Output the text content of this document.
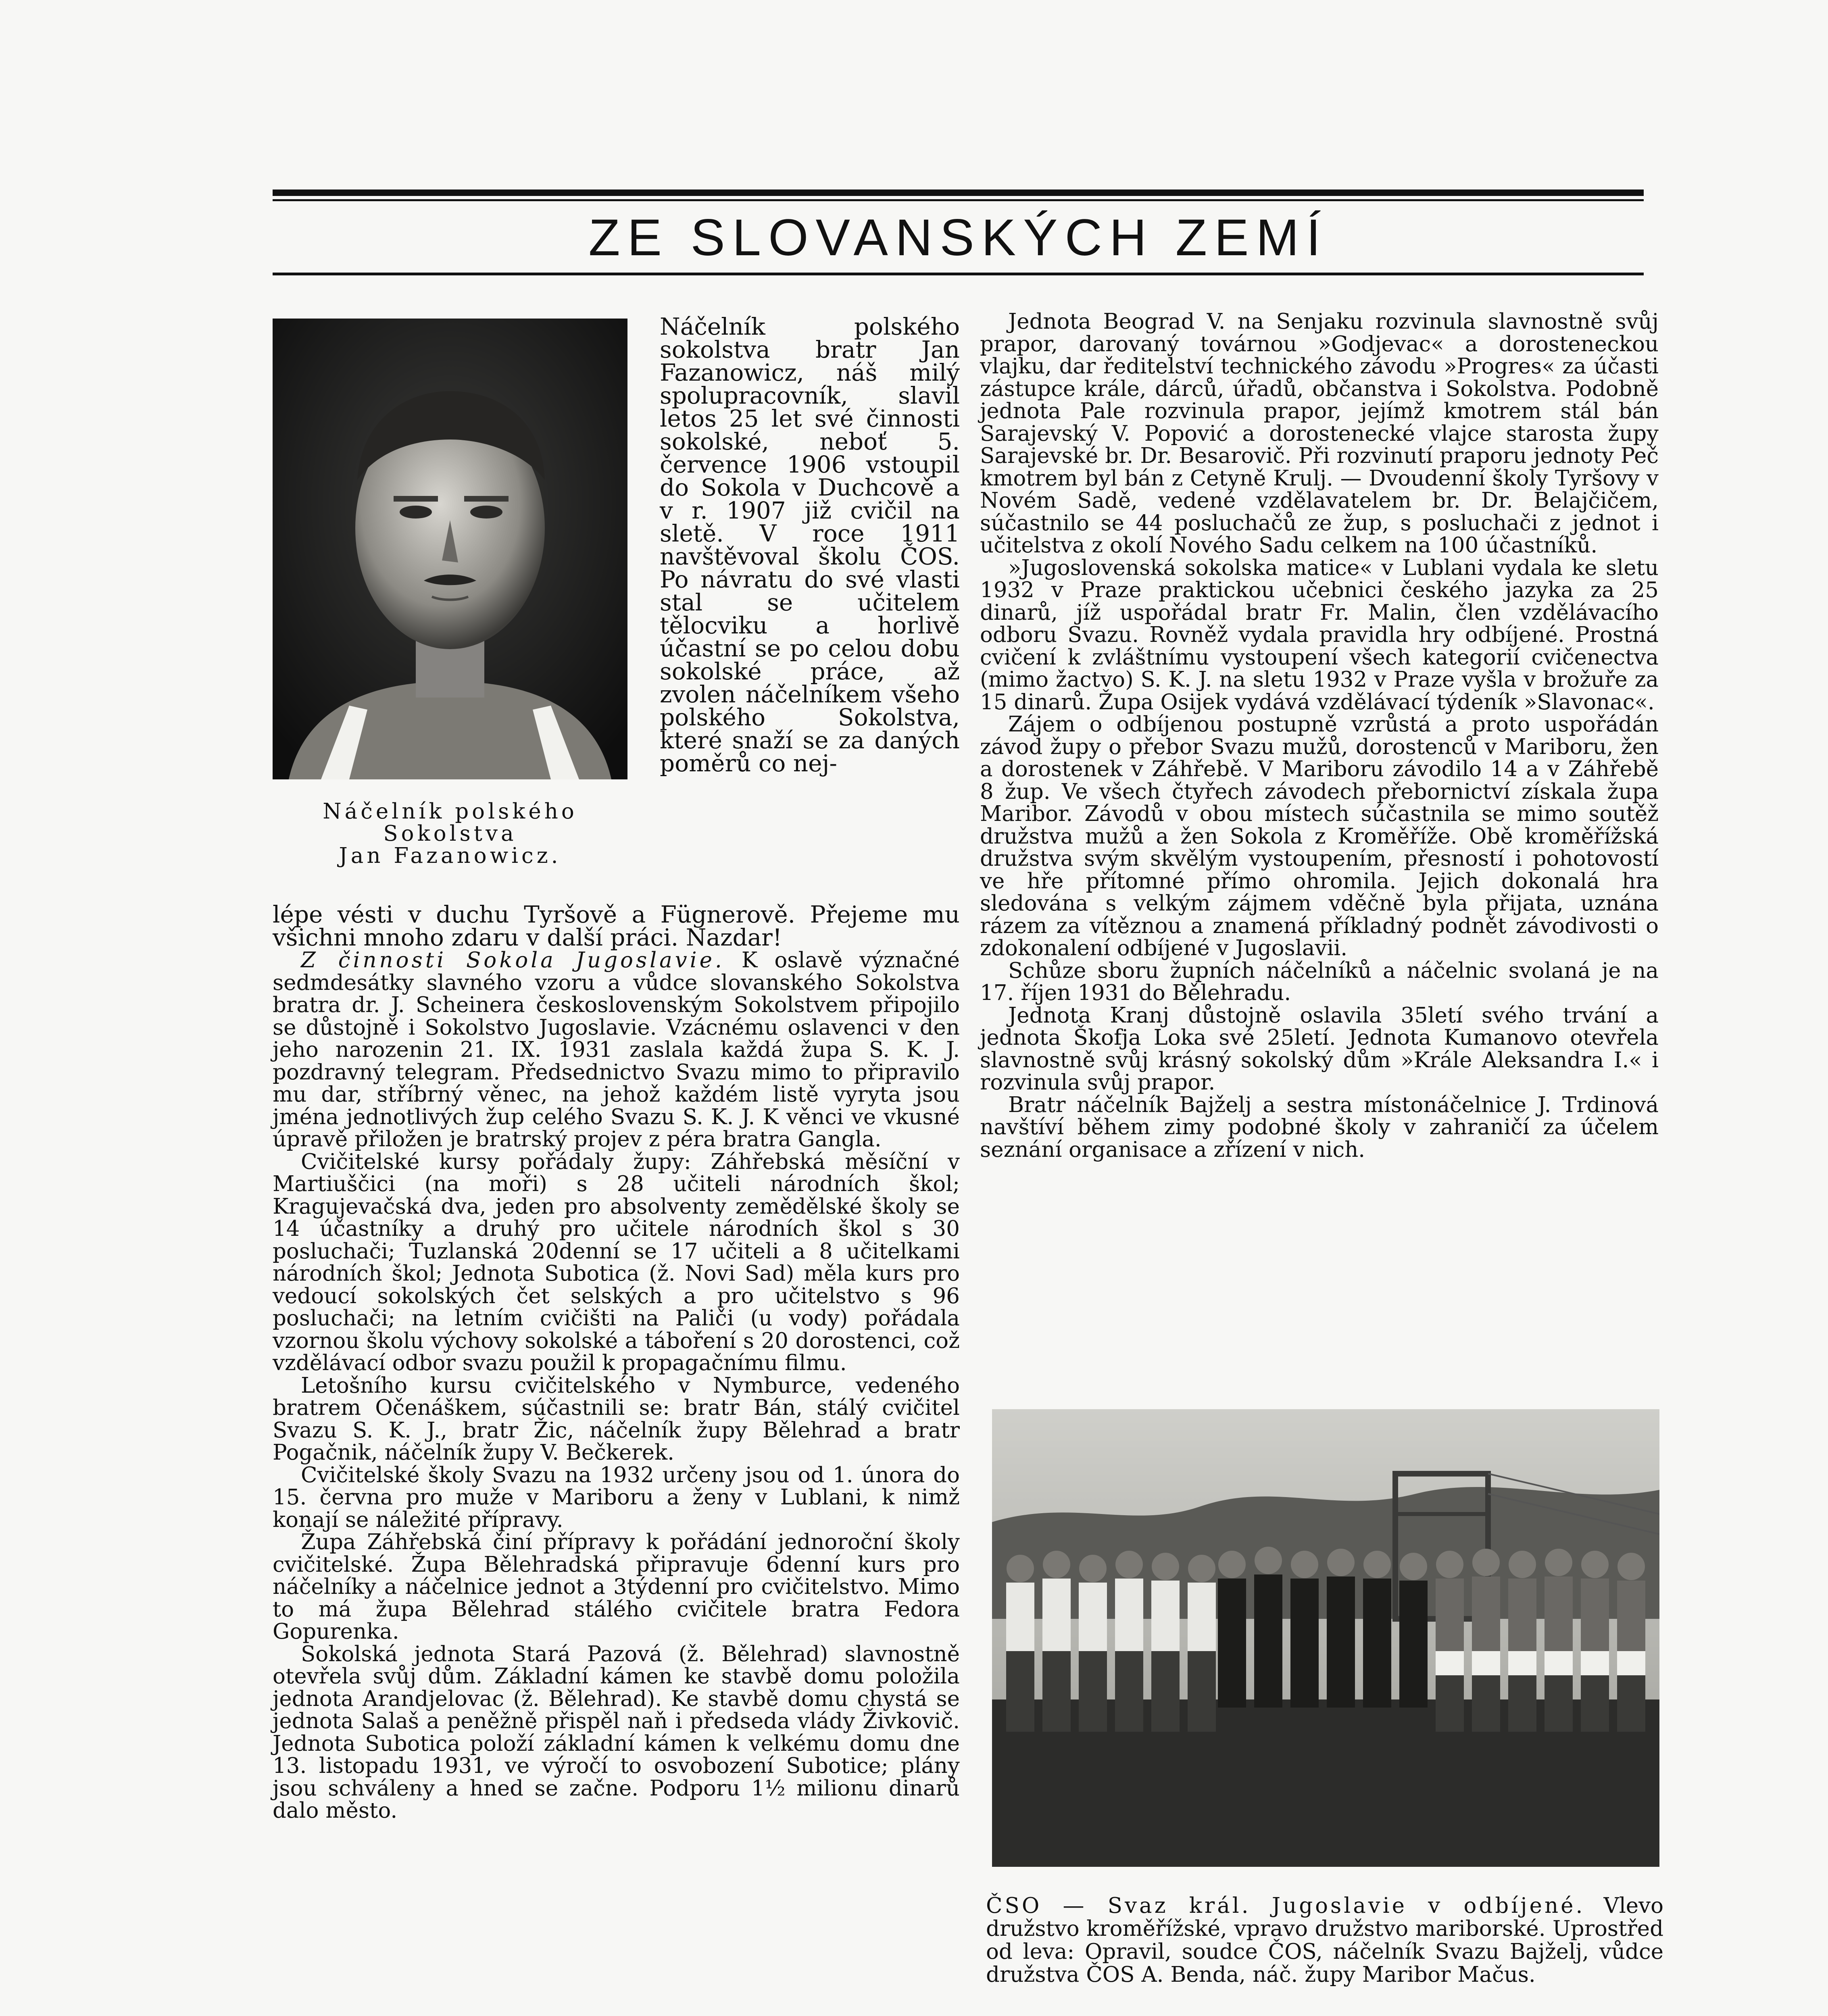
ZE SLOVANSKÝCH ZEMÍ
Náčelník polského
Sokolstva
Jan Fazanowicz.

Náčelník polského sokolstva bratr Jan Fazanowicz, náš milý spolupracovník, slavil letos 25 let své činnosti sokolské, neboť 5. července 1906 vstoupil do Sokola v Duchcově a v r. 1907 již cvičil na sletě. V roce 1911 navštěvoval školu ČOS. Po návratu do své vlasti stal se učitelem tělocviku a horlivě účastní se po celou dobu sokolské práce, až zvolen náčelníkem všeho polského Sokolstva, které snaží se za daných poměrů co nej-

lépe vésti v duchu Tyršově a Fügnerově. Přejeme mu všichni mnoho zdaru v další práci. Nazdar!

Z činnosti Sokola Jugoslavie. K oslavě význačné sedmdesátky slavného vzoru a vůdce slovanského Sokolstva bratra dr. J. Scheinera československým Sokolstvem připojilo se důstojně i Sokolstvo Jugoslavie. Vzácnému oslavenci v den jeho narozenin 21. IX. 1931 zaslala každá župa S. K. J. pozdravný telegram. Předsednictvo Svazu mimo to připravilo mu dar, stříbrný věnec, na jehož každém listě vyryta jsou jména jednotlivých žup celého Svazu S. K. J. K věnci ve vkusné úpravě přiložen je bratrský projev z péra bratra Gangla.

Cvičitelské kursy pořádaly župy: Záhřebská měsíční v Martiuščici (na moři) s 28 učiteli národních škol; Kragujevačská dva, jeden pro absolventy zemědělské školy se 14 účastníky a druhý pro učitele národních škol s 30 posluchači; Tuzlanská 20denní se 17 učiteli a 8 učitelkami národních škol; Jednota Subotica (ž. Novi Sad) měla kurs pro vedoucí sokolských čet selských a pro učitelstvo s 96 posluchači; na letním cvičišti na Paliči (u vody) pořádala vzornou školu výchovy sokolské a táboření s 20 dorostenci, což vzdělávací odbor svazu použil k propagačnímu filmu.

Letošního kursu cvičitelského v Nymburce, vedeného bratrem Očenáškem, súčastnili se: bratr Bán, stálý cvičitel Svazu S. K. J., bratr Žic, náčelník župy Bělehrad a bratr Pogačnik, náčelník župy V. Bečkerek.

Cvičitelské školy Svazu na 1932 určeny jsou od 1. února do 15. června pro muže v Mariboru a ženy v Lublani, k nimž konají se náležité přípravy.

Župa Záhřebská činí přípravy k pořádání jednoroční školy cvičitelské. Župa Bělehradská připravuje 6denní kurs pro náčelníky a náčelnice jednot a 3týdenní pro cvičitelstvo. Mimo to má župa Bělehrad stálého cvičitele bratra Fedora Gopurenka.

Sokolská jednota Stará Pazová (ž. Bělehrad) slavnostně otevřela svůj dům. Základní kámen ke stavbě domu položila jednota Arandjelovac (ž. Bělehrad). Ke stavbě domu chystá se jednota Salaš a peněžně přispěl naň i předseda vlády Živkovič. Jednota Subotica položí základní kámen k velkému domu dne 13. listopadu 1931, ve výročí to osvobození Subotice; plány jsou schváleny a hned se začne. Podporu 1½ milionu dinarů dalo město.

Jednota Beograd V. na Senjaku rozvinula slavnostně svůj prapor, darovaný továrnou »Godjevac« a dorosteneckou vlajku, dar ředitelství technického závodu »Progres« za účasti zástupce krále, dárců, úřadů, občanstva i Sokolstva. Podobně jednota Pale rozvinula prapor, jejímž kmotrem stál bán Sarajevský V. Popović a dorostenecké vlajce starosta župy Sarajevské br. Dr. Besarovič. Při rozvinutí praporu jednoty Peč kmotrem byl bán z Cetyně Krulj. — Dvoudenní školy Tyršovy v Novém Sadě, vedené vzdělavatelem br. Dr. Belajčičem, súčastnilo se 44 posluchačů ze žup, s posluchači z jednot i učitelstva z okolí Nového Sadu celkem na 100 účastníků.

»Jugoslovenská sokolska matice« v Lublani vydala ke sletu 1932 v Praze praktickou učebnici českého jazyka za 25 dinarů, jíž uspořádal bratr Fr. Malin, člen vzdělávacího odboru Svazu. Rovněž vydala pravidla hry odbíjené. Prostná cvičení k zvláštnímu vystoupení všech kategorií cvičenectva (mimo žactvo) S. K. J. na sletu 1932 v Praze vyšla v brožuře za 15 dinarů. Župa Osijek vydává vzdělávací týdeník »Slavonac«.

Zájem o odbíjenou postupně vzrůstá a proto uspořádán závod župy o přebor Svazu mužů, dorostenců v Mariboru, žen a dorostenek v Záhřebě. V Mariboru závodilo 14 a v Záhřebě 8 žup. Ve všech čtyřech závodech přebornictví získala župa Maribor. Závodů v obou místech súčastnila se mimo soutěž družstva mužů a žen Sokola z Kroměříže. Obě kroměřížská družstva svým skvělým vystoupením, přesností i pohotovostí ve hře přítomné přímo ohromila. Jejich dokonalá hra sledována s velkým zájmem vděčně byla přijata, uznána rázem za vítěznou a znamená příkladný podnět závodivosti o zdokonalení odbíjené v Jugoslavii.

Schůze sboru župních náčelníků a náčelnic svolaná je na 17. říjen 1931 do Bělehradu.

Jednota Kranj důstojně oslavila 35letí svého trvání a jednota Škofja Loka své 25letí. Jednota Kumanovo otevřela slavnostně svůj krásný sokolský dům »Krále Aleksandra I.« i rozvinula svůj prapor.

Bratr náčelník Bajželj a sestra místonáčelnice J. Trdinová navštíví během zimy podobné školy v zahraničí za účelem seznání organisace a zřízení v nich.

ČSO — Svaz král. Jugoslavie v odbíjené. Vlevo družstvo kroměřížské, vpravo družstvo mariborské. Uprostřed od leva: Opravil, soudce ČOS, náčelník Svazu Bajželj, vůdce družstva ČOS A. Benda, náč. župy Maribor Mačus.
